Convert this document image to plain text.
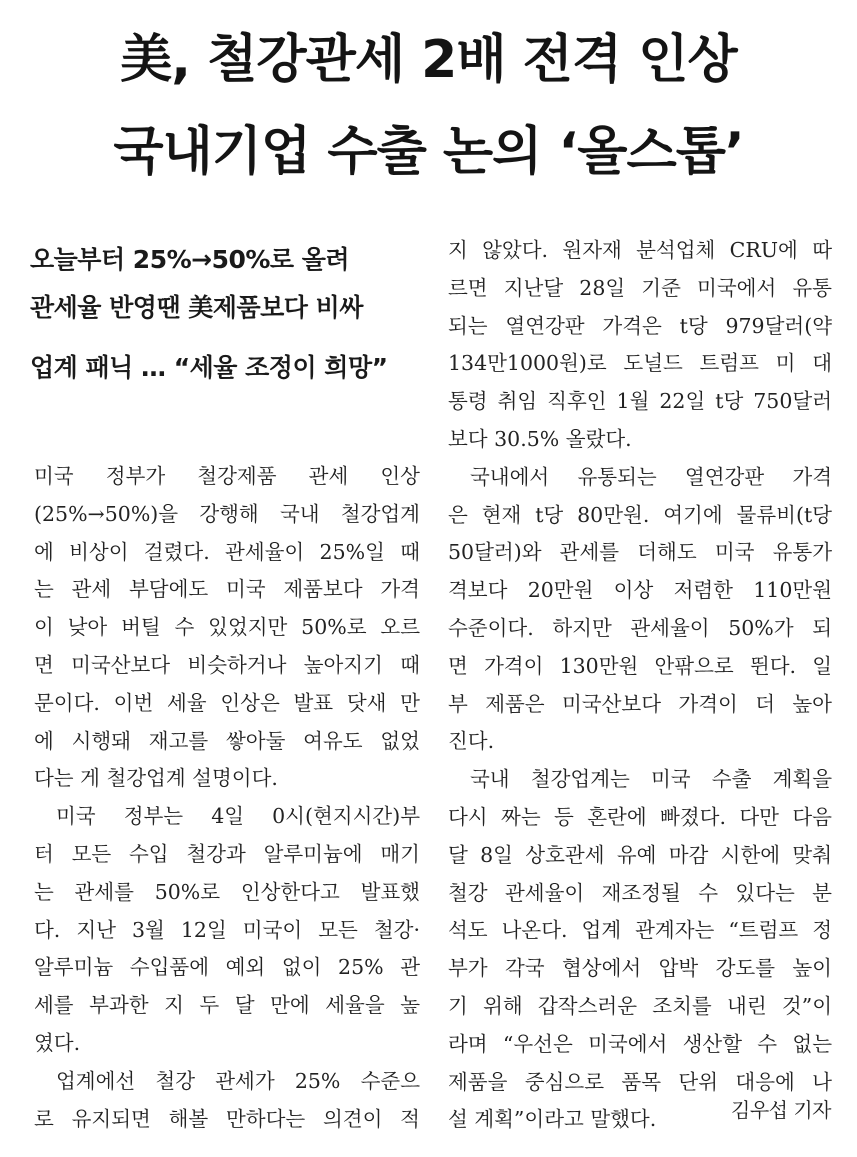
美, 철강관세 2배 전격 인상
국내기업 수출 논의 ‘올스톱’
오늘부터 25%→50%로 올려
관세율 반영땐 美제품보다 비싸
업계 패닉 … “세율 조정이 희망”
미국 정부가 철강제품 관세 인상
(25%→50%)을 강행해 국내 철강업계
에 비상이 걸렸다. 관세율이 25%일 때
는 관세 부담에도 미국 제품보다 가격
이 낮아 버틸 수 있었지만 50%로 오르
면 미국산보다 비슷하거나 높아지기 때
문이다. 이번 세율 인상은 발표 닷새 만
에 시행돼 재고를 쌓아둘 여유도 없었
다는 게 철강업계 설명이다.
미국 정부는 4일 0시(현지시간)부
터 모든 수입 철강과 알루미늄에 매기
는 관세를 50%로 인상한다고 발표했
다. 지난 3월 12일 미국이 모든 철강·
알루미늄 수입품에 예외 없이 25% 관
세를 부과한 지 두 달 만에 세율을 높
였다.
업계에선 철강 관세가 25% 수준으
로 유지되면 해볼 만하다는 의견이 적
지 않았다. 원자재 분석업체 CRU에 따
르면 지난달 28일 기준 미국에서 유통
되는 열연강판 가격은 t당 979달러(약
134만1000원)로 도널드 트럼프 미 대
통령 취임 직후인 1월 22일 t당 750달러
보다 30.5% 올랐다.
국내에서 유통되는 열연강판 가격
은 현재 t당 80만원. 여기에 물류비(t당
50달러)와 관세를 더해도 미국 유통가
격보다 20만원 이상 저렴한 110만원
수준이다. 하지만 관세율이 50%가 되
면 가격이 130만원 안팎으로 뛴다. 일
부 제품은 미국산보다 가격이 더 높아
진다.
국내 철강업계는 미국 수출 계획을
다시 짜는 등 혼란에 빠졌다. 다만 다음
달 8일 상호관세 유예 마감 시한에 맞춰
철강 관세율이 재조정될 수 있다는 분
석도 나온다. 업계 관계자는 “트럼프 정
부가 각국 협상에서 압박 강도를 높이
기 위해 갑작스러운 조치를 내린 것”이
라며 “우선은 미국에서 생산할 수 없는
제품을 중심으로 품목 단위 대응에 나
설 계획”이라고 말했다.	김우섭 기자
